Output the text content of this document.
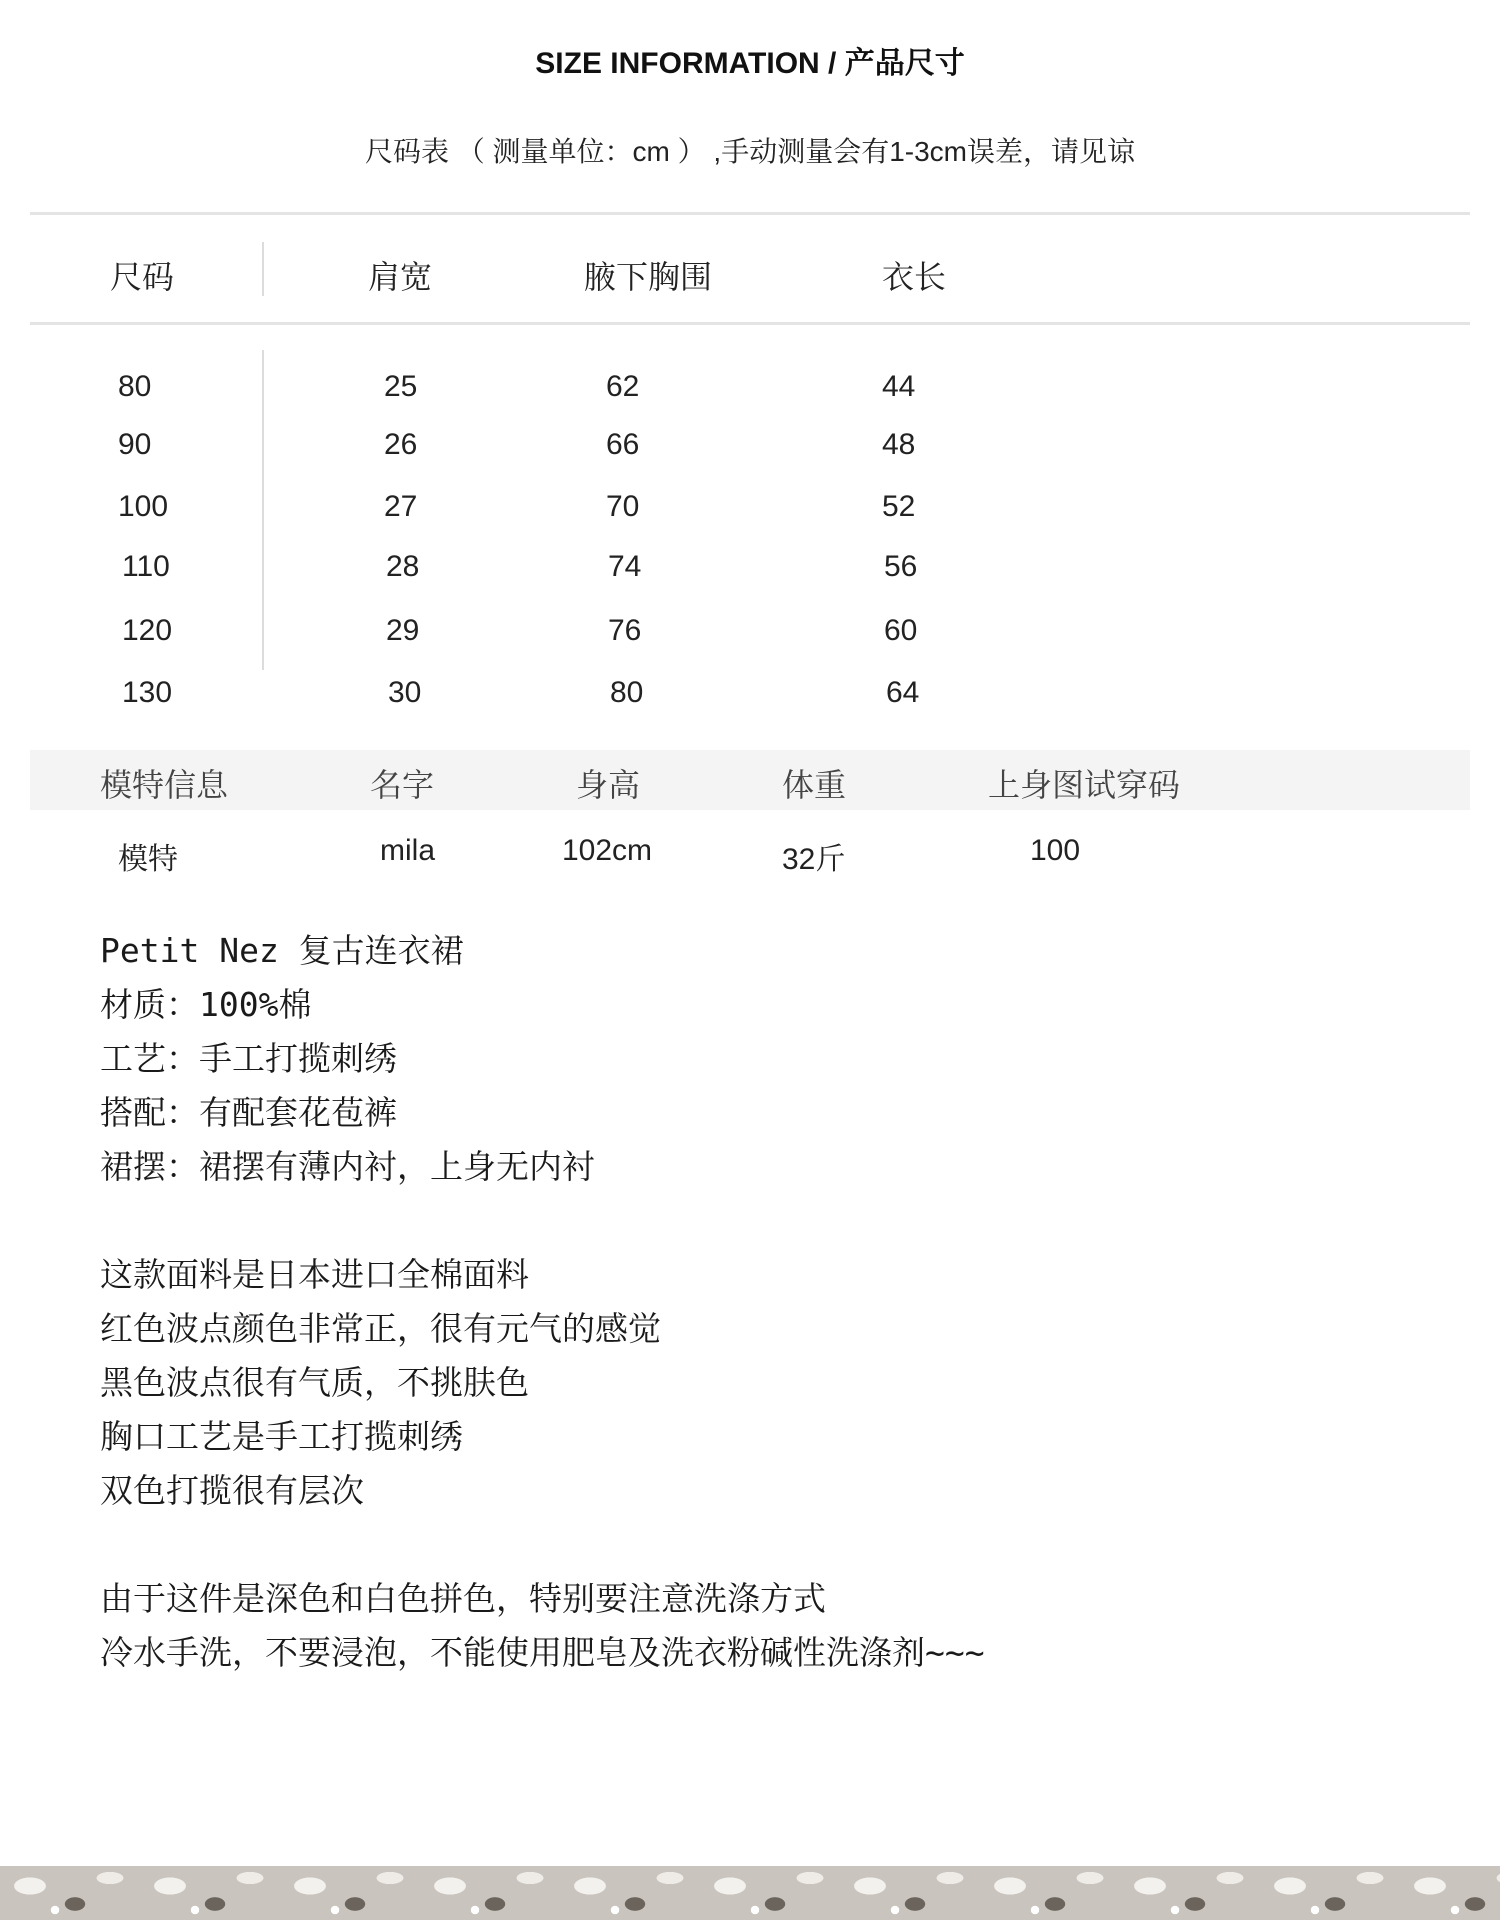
SIZE INFORMATION / 产品尺寸
尺码表 （ 测量单位：cm ） ,手动测量会有1-3cm误差，请见谅
尺码	肩宽	腋下胸围	衣长
80	25	62	44
90	26	66	48
100	27	70	52
110	28	74	56
120	29	76	60
130	30	80	64
模特信息	名字	身高	体重	上身图试穿码
模特	mila	102cm	32斤	100
Petit Nez 复古连衣裙
材质：100%棉
工艺：手工打揽刺绣
搭配：有配套花苞裤
裙摆：裙摆有薄内衬，上身无内衬
这款面料是日本进口全棉面料
红色波点颜色非常正，很有元气的感觉
黑色波点很有气质，不挑肤色
胸口工艺是手工打揽刺绣
双色打揽很有层次
由于这件是深色和白色拼色，特别要注意洗涤方式
冷水手洗，不要浸泡，不能使用肥皂及洗衣粉碱性洗涤剂~~~
